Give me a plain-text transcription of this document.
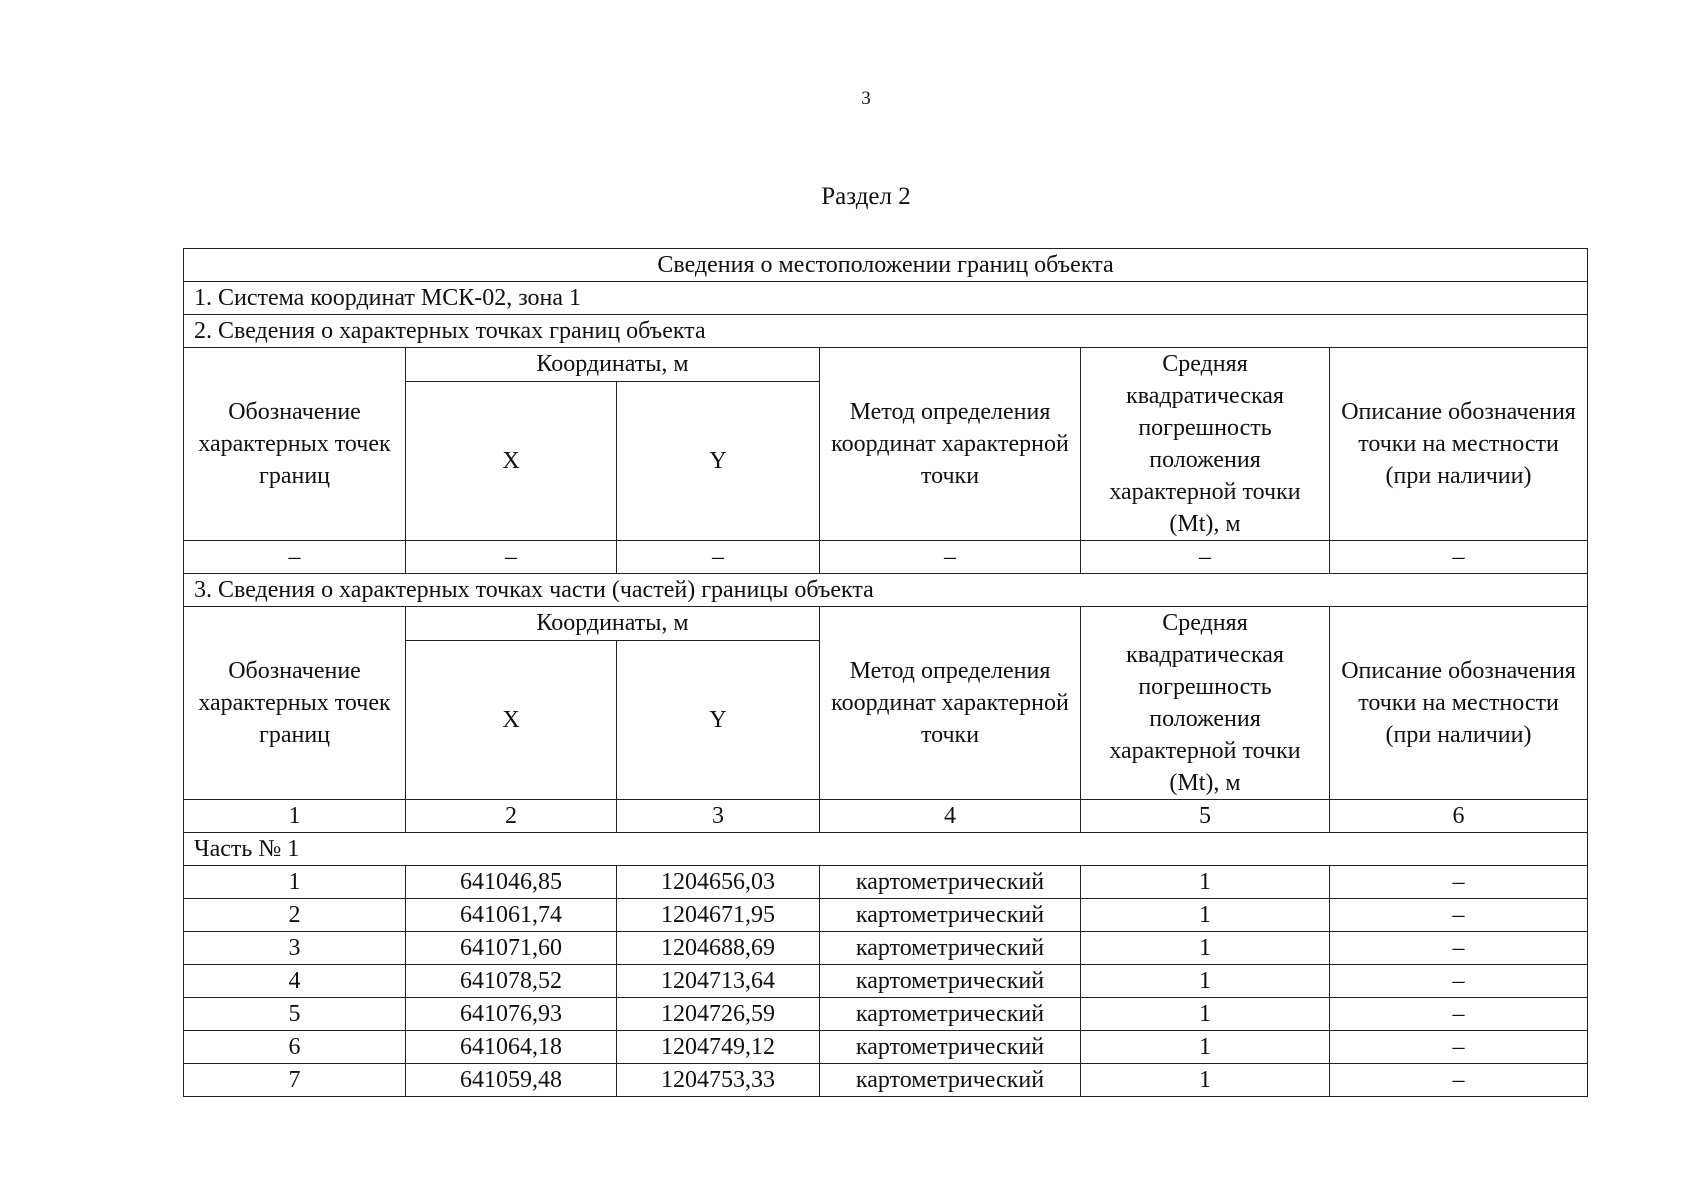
3
Раздел 2
Сведения о местоположении границ объекта					
1. Система координат МСК-02, зона 1					
2. Сведения о характерных точках границ объекта					
Обозначение характерных точек границ	Координаты, м		Метод определения координат характерной точки	Средняя квадратическая погрешность положения характерной точки (Mt), м	Описание обозначения точки на местности (при наличии)
	X	Y			
–	–	–	–	–	–
3. Сведения о характерных точках части (частей) границы объекта					
Обозначение характерных точек границ	Координаты, м		Метод определения координат характерной точки	Средняя квадратическая погрешность положения характерной точки (Mt), м	Описание обозначения точки на местности (при наличии)
	X	Y			
1	2	3	4	5	6
Часть № 1					
1	641046,85	1204656,03	картометрический	1	–
2	641061,74	1204671,95	картометрический	1	–
3	641071,60	1204688,69	картометрический	1	–
4	641078,52	1204713,64	картометрический	1	–
5	641076,93	1204726,59	картометрический	1	–
6	641064,18	1204749,12	картометрический	1	–
7	641059,48	1204753,33	картометрический	1	–
